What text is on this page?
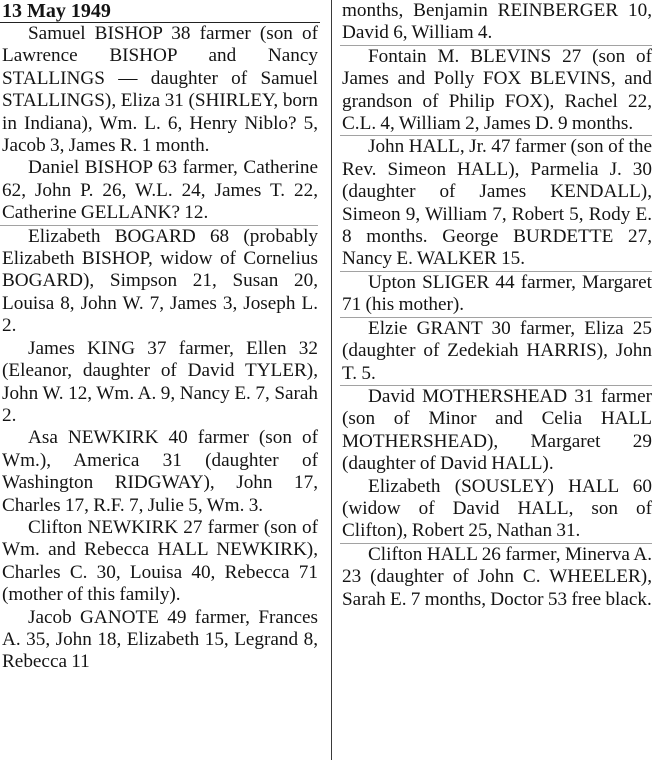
13 May 1949

Samuel BISHOP 38 farmer (son of Lawrence BISHOP and Nancy STALLINGS — daughter of Samuel STALLINGS), Eliza 31 (SHIRLEY, born in Indiana), Wm. L. 6, Henry Niblo? 5, Jacob 3, James R. 1 month.

Daniel BISHOP 63 farmer, Catherine 62, John P. 26, W.L. 24, James T. 22, Catherine GELLANK? 12.

Elizabeth BOGARD 68 (probably Elizabeth BISHOP, widow of Cornelius BOGARD), Simpson 21, Susan 20, Louisa 8, John W. 7, James 3, Joseph L. 2.

James KING 37 farmer, Ellen 32 (Eleanor, daughter of David TYLER), John W. 12, Wm. A. 9, Nancy E. 7, Sarah 2.

Asa NEWKIRK 40 farmer (son of Wm.), America 31 (daughter of Washington RIDGWAY), John 17, Charles 17, R.F. 7, Julie 5, Wm. 3.

Clifton NEWKIRK 27 farmer (son of Wm. and Rebecca HALL NEWKIRK), Charles C. 30, Louisa 40, Rebecca 71 (mother of this family).

Jacob GANOTE 49 farmer, Frances A. 35, John 18, Elizabeth 15, Legrand 8, Rebecca 11

months, Benjamin REINBERGER 10, David 6, William 4.

Fontain M. BLEVINS 27 (son of James and Polly FOX BLEVINS, and grandson of Philip FOX), Rachel 22, C.L. 4, William 2, James D. 9 months.

John HALL, Jr. 47 farmer (son of the Rev. Simeon HALL), Parmelia J. 30 (daughter of James KENDALL), Simeon 9, William 7, Robert 5, Rody E. 8 months. George BURDETTE 27, Nancy E. WALKER 15.

Upton SLIGER 44 farmer, Margaret 71 (his mother).

Elzie GRANT 30 farmer, Eliza 25 (daughter of Zedekiah HARRIS), John T. 5.

David MOTHERSHEAD 31 farmer (son of Minor and Celia HALL MOTHERSHEAD), Margaret 29 (daughter of David HALL).

Elizabeth (SOUSLEY) HALL 60 (widow of David HALL, son of Clifton), Robert 25, Nathan 31.

Clifton HALL 26 farmer, Minerva A. 23 (daughter of John C. WHEELER), Sarah E. 7 months, Doctor 53 free black.
